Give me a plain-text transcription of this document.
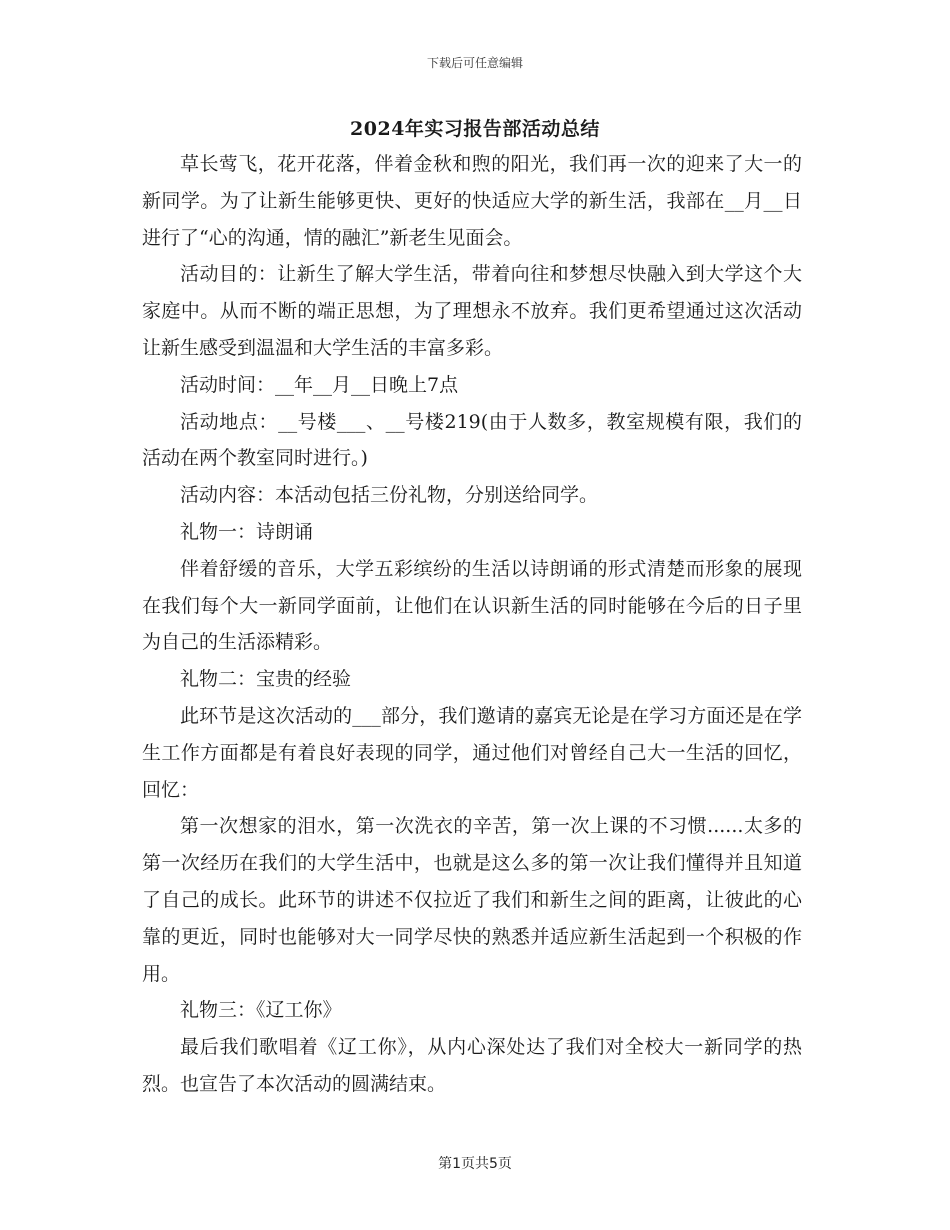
下载后可任意编辑
2024年实习报告部活动总结

草长莺飞，花开花落，伴着金秋和煦的阳光，我们再一次的迎来了大一的新同学。为了让新生能够更快、更好的快适应大学的新生活，我部在__月__日进行了“心的沟通，情的融汇”新老生见面会。

活动目的：让新生了解大学生活，带着向往和梦想尽快融入到大学这个大家庭中。从而不断的端正思想，为了理想永不放弃。我们更希望通过这次活动让新生感受到温温和大学生活的丰富多彩。

活动时间：__年__月__日晚上7点

活动地点：__号楼___、__号楼219(由于人数多，教室规模有限，我们的活动在两个教室同时进行。)

活动内容：本活动包括三份礼物，分别送给同学。

礼物一：诗朗诵

伴着舒缓的音乐，大学五彩缤纷的生活以诗朗诵的形式清楚而形象的展现在我们每个大一新同学面前，让他们在认识新生活的同时能够在今后的日子里为自己的生活添精彩。

礼物二：宝贵的经验

此环节是这次活动的___部分，我们邀请的嘉宾无论是在学习方面还是在学生工作方面都是有着良好表现的同学，通过他们对曾经自己大一生活的回忆，回忆：

第一次想家的泪水，第一次洗衣的辛苦，第一次上课的不习惯......太多的第一次经历在我们的大学生活中，也就是这么多的第一次让我们懂得并且知道了自己的成长。此环节的讲述不仅拉近了我们和新生之间的距离，让彼此的心靠的更近，同时也能够对大一同学尽快的熟悉并适应新生活起到一个积极的作用。

礼物三：《辽工你》

最后我们歌唱着《辽工你》，从内心深处达了我们对全校大一新同学的热烈。也宣告了本次活动的圆满结束。

第1页共5页
